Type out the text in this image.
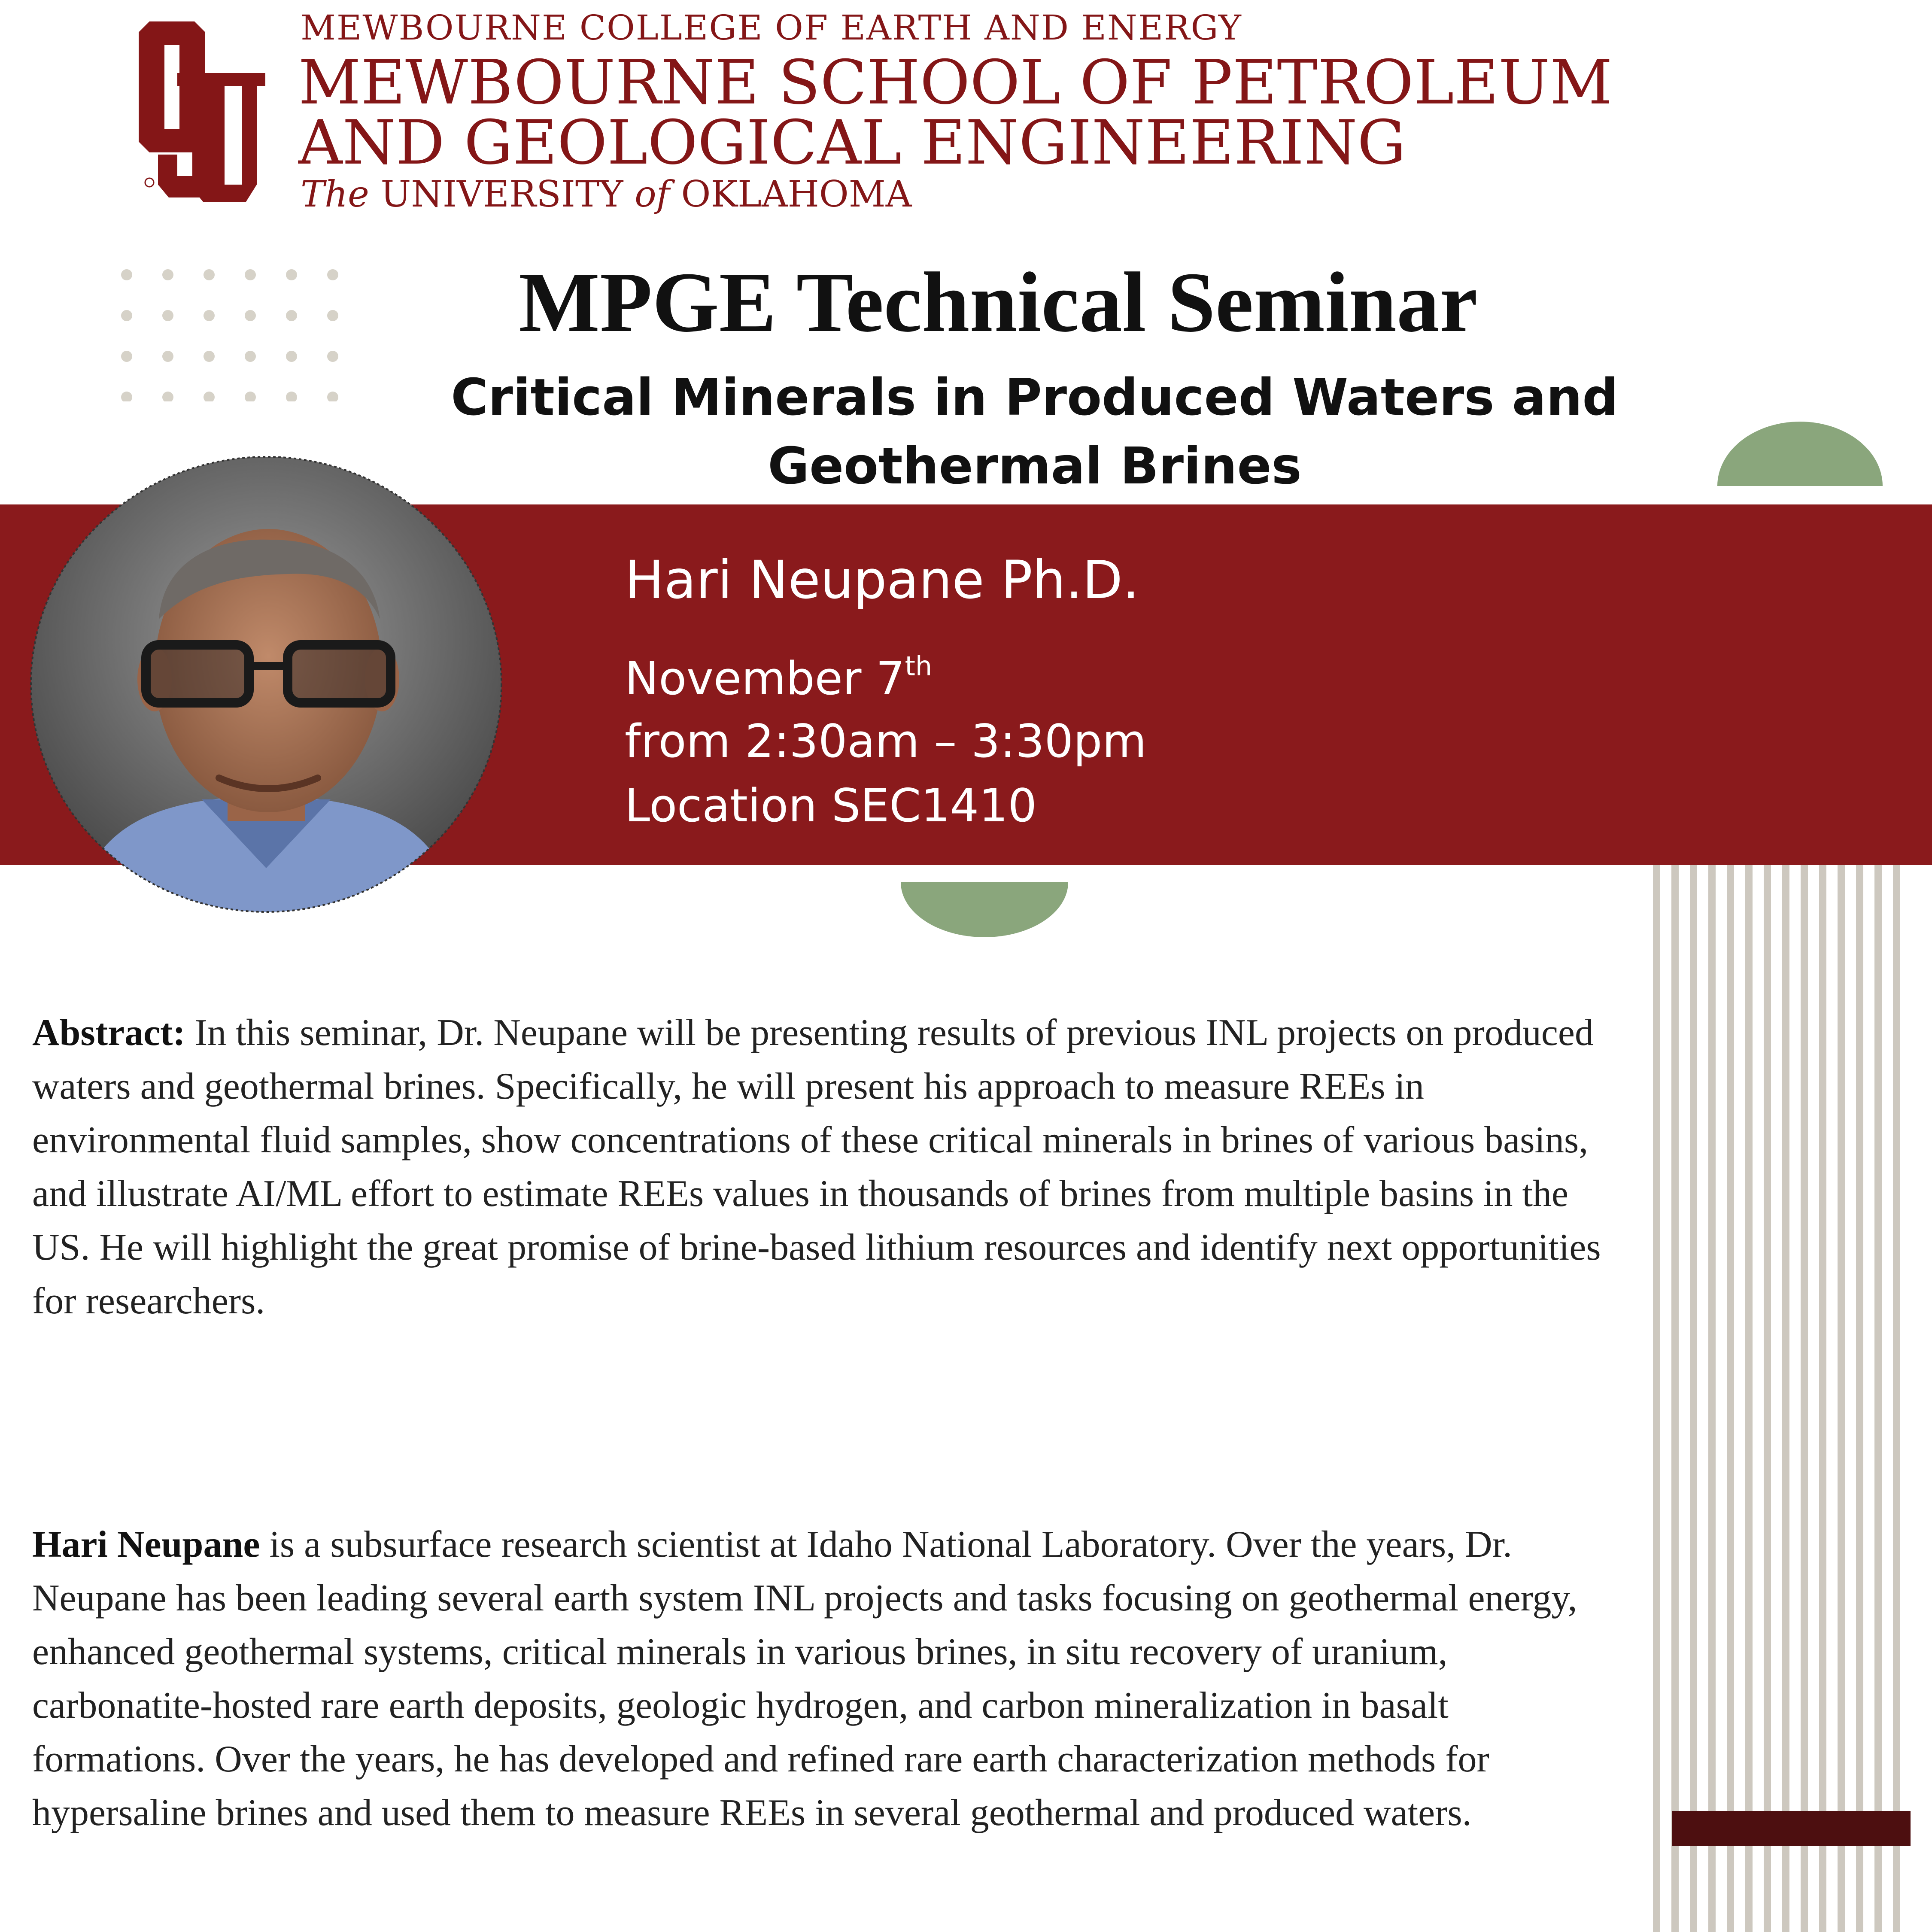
MEWBOURNE COLLEGE OF EARTH AND ENERGY
MEWBOURNE SCHOOL OF PETROLEUM
AND GEOLOGICAL ENGINEERING
The UNIVERSITY of OKLAHOMA
MPGE Technical Seminar
Critical Minerals in Produced Waters and Geothermal Brines
Hari Neupane Ph.D.
November 7th
from 2:30am – 3:30pm
Location SEC1410
Abstract: In this seminar, Dr. Neupane will be presenting results of previous INL projects on produced waters and geothermal brines. Specifically, he will present his approach to measure REEs in environmental fluid samples, show concentrations of these critical minerals in brines of various basins, and illustrate AI/ML effort to estimate REEs values in thousands of brines from multiple basins in the US. He will highlight the great promise of brine-based lithium resources and identify next opportunities for researchers.
Hari Neupane is a subsurface research scientist at Idaho National Laboratory. Over the years, Dr. Neupane has been leading several earth system INL projects and tasks focusing on geothermal energy, enhanced geothermal systems, critical minerals in various brines, in situ recovery of uranium, carbonatite-hosted rare earth deposits, geologic hydrogen, and carbon mineralization in basalt formations. Over the years, he has developed and refined rare earth characterization methods for hypersaline brines and used them to measure REEs in several geothermal and produced waters.
